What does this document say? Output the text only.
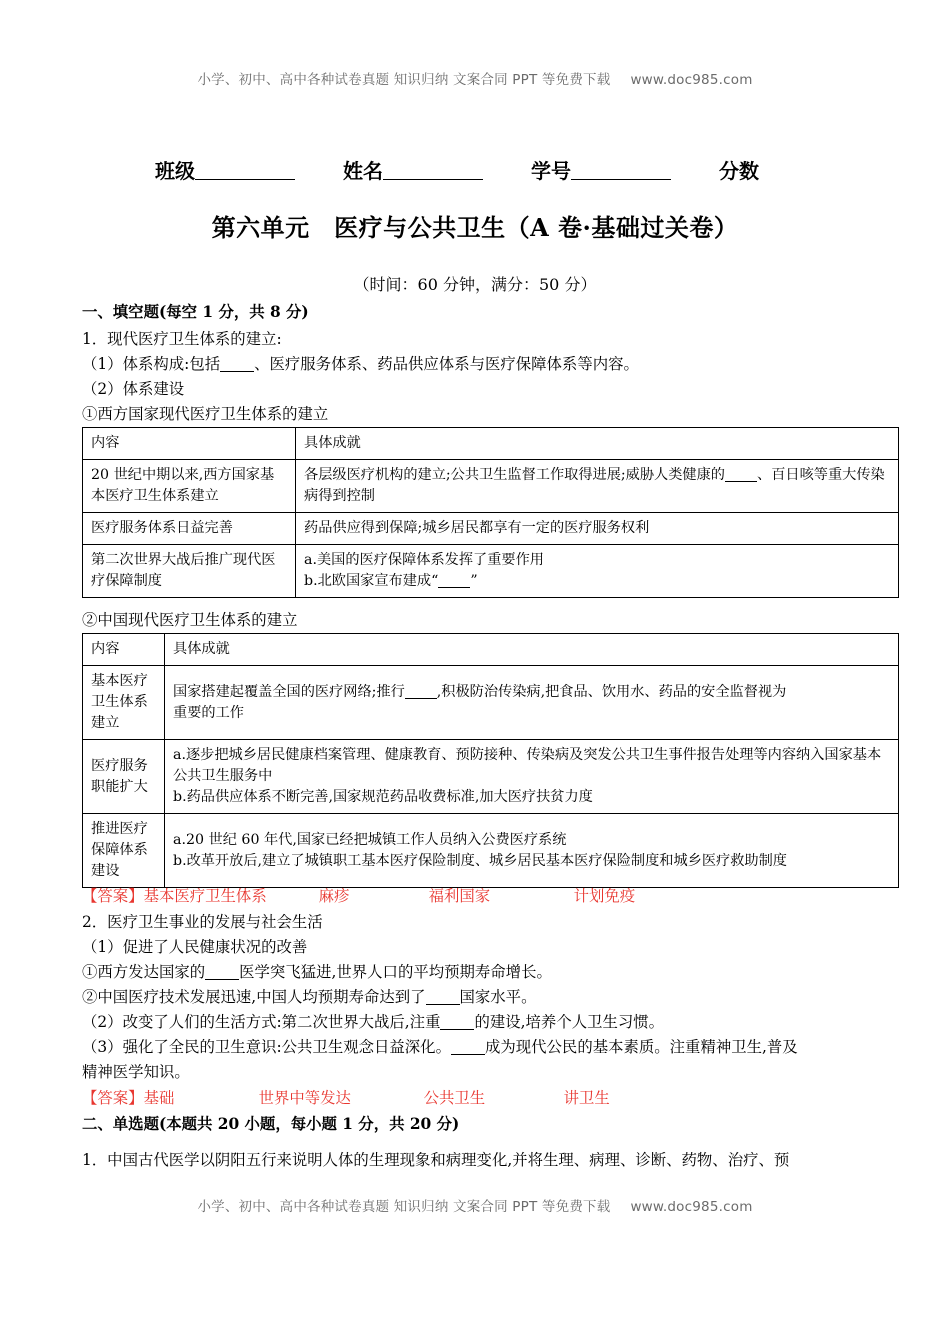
小学、初中、高中各种试卷真题 知识归纳 文案合同 PPT 等免费下载 www.doc985.com
班级	姓名	学号	分数
第六单元　医疗与公共卫生（A 卷·基础过关卷）
（时间：60 分钟，满分：50 分）
一、填空题(每空 1 分，共 8 分)
1．现代医疗卫生体系的建立:
（1）体系构成:包括 、医疗服务体系、药品供应体系与医疗保障体系等内容。
（2）体系建设
①西方国家现代医疗卫生体系的建立
内容	具体成就
20 世纪中期以来,西方国家基本医疗卫生体系建立	各层级医疗机构的建立;公共卫生监督工作取得进展;威胁人类健康的 、百日咳等重大传染病得到控制
医疗服务体系日益完善	药品供应得到保障;城乡居民都享有一定的医疗服务权利
第二次世界大战后推广现代医疗保障制度	a.美国的医疗保障体系发挥了重要作用
b.北欧国家宣布建成“ ”
②中国现代医疗卫生体系的建立
内容	具体成就
基本医疗卫生体系建立	国家搭建起覆盖全国的医疗网络;推行 ,积极防治传染病,把食品、饮用水、药品的安全监督视为
重要的工作

医疗服务职能扩大	a.逐步把城乡居民健康档案管理、健康教育、预防接种、传染病及突发公共卫生事件报告处理等内容纳入国家基本公共卫生服务中
b.药品供应体系不断完善,国家规范药品收费标准,加大医疗扶贫力度

推进医疗保障体系建设	a.20 世纪 60 年代,国家已经把城镇工作人员纳入公费医疗系统
b.改革开放后,建立了城镇职工基本医疗保险制度、城乡居民基本医疗保险制度和城乡医疗救助制度
【答案】基本医疗卫生体系	麻疹	福利国家	计划免疫
2．医疗卫生事业的发展与社会生活
（1）促进了人民健康状况的改善
①西方发达国家的 医学突飞猛进,世界人口的平均预期寿命增长。
②中国医疗技术发展迅速,中国人均预期寿命达到了 国家水平。
（2）改变了人们的生活方式:第二次世界大战后,注重 的建设,培养个人卫生习惯。
（3）强化了全民的卫生意识:公共卫生观念日益深化。 成为现代公民的基本素质。注重精神卫生,普及
精神医学知识。
【答案】基础	世界中等发达	公共卫生	讲卫生
二、单选题(本题共 20 小题，每小题 1 分，共 20 分)
1．中国古代医学以阴阳五行来说明人体的生理现象和病理变化,并将生理、病理、诊断、药物、治疗、预
小学、初中、高中各种试卷真题 知识归纳 文案合同 PPT 等免费下载 www.doc985.com
